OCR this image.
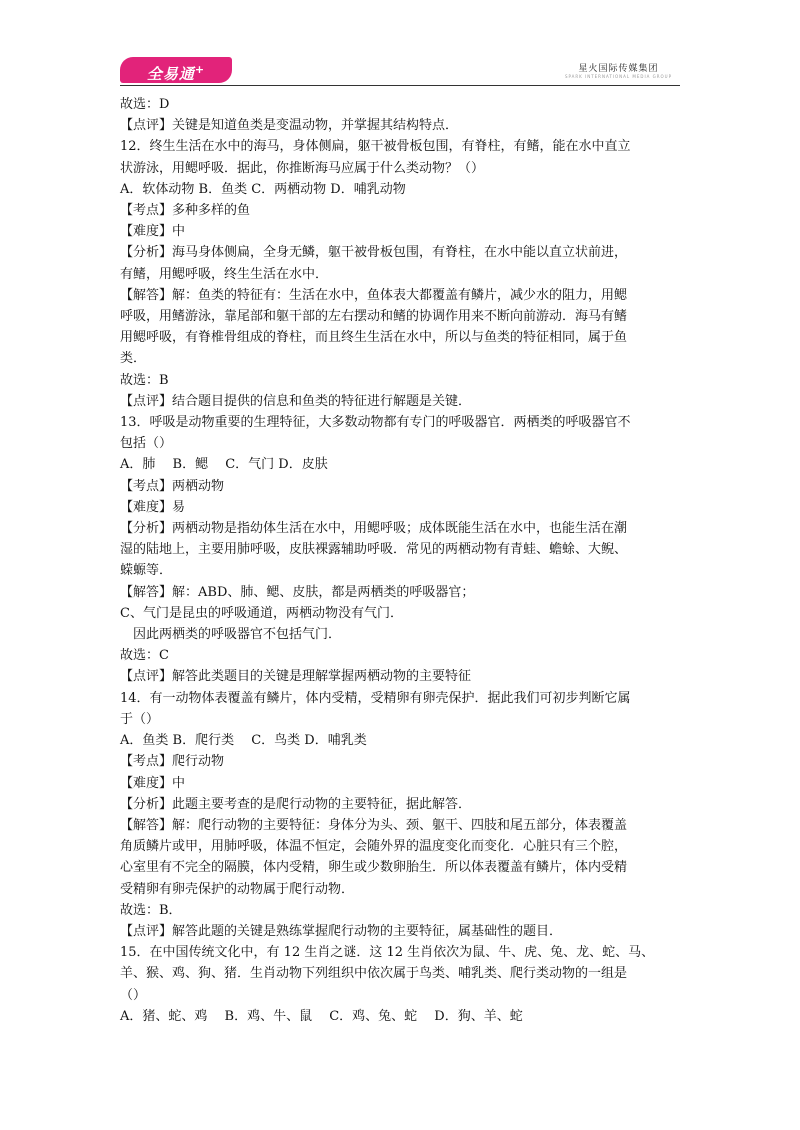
全易通+	星火国际传媒集团
SPARK INTERNATIONAL MEDIA GROUP
故选：D
【点评】关键是知道鱼类是变温动物，并掌握其结构特点．
12．终生生活在水中的海马，身体侧扁，躯干被骨板包围，有脊柱，有鳍，能在水中直立
状游泳，用鳃呼吸．据此，你推断海马应属于什么类动物？（）
A．软体动物 B．鱼类 C．两栖动物 D．哺乳动物
【考点】多种多样的鱼
【难度】中
【分析】海马身体侧扁，全身无鳞，躯干被骨板包围，有脊柱，在水中能以直立状前进，
有鳍，用鳃呼吸，终生生活在水中．
【解答】解：鱼类的特征有：生活在水中，鱼体表大都覆盖有鳞片，减少水的阻力，用鳃
呼吸，用鳍游泳，靠尾部和躯干部的左右摆动和鳍的协调作用来不断向前游动．海马有鳍
用鳃呼吸，有脊椎骨组成的脊柱，而且终生生活在水中，所以与鱼类的特征相同，属于鱼
类．
故选：B
【点评】结合题目提供的信息和鱼类的特征进行解题是关键．
13．呼吸是动物重要的生理特征，大多数动物都有专门的呼吸器官．两栖类的呼吸器官不
包括（）
A．肺　 B．鳃　 C．气门 D．皮肤
【考点】两栖动物
【难度】易
【分析】两栖动物是指幼体生活在水中，用鳃呼吸；成体既能生活在水中，也能生活在潮
湿的陆地上，主要用肺呼吸，皮肤裸露辅助呼吸．常见的两栖动物有青蛙、蟾蜍、大鲵、
蝾螈等．
【解答】解：ABD、肺、鳃、皮肤，都是两栖类的呼吸器官；
C、气门是昆虫的呼吸通道，两栖动物没有气门．
因此两栖类的呼吸器官不包括气门．
故选：C
【点评】解答此类题目的关键是理解掌握两栖动物的主要特征
14．有一动物体表覆盖有鳞片，体内受精，受精卵有卵壳保护．据此我们可初步判断它属
于（）
A．鱼类 B．爬行类　 C．鸟类 D．哺乳类
【考点】爬行动物
【难度】中
【分析】此题主要考查的是爬行动物的主要特征，据此解答．
【解答】解：爬行动物的主要特征：身体分为头、颈、躯干、四肢和尾五部分，体表覆盖
角质鳞片或甲，用肺呼吸，体温不恒定，会随外界的温度变化而变化．心脏只有三个腔，
心室里有不完全的隔膜，体内受精，卵生或少数卵胎生．所以体表覆盖有鳞片，体内受精
受精卵有卵壳保护的动物属于爬行动物．
故选：B．
【点评】解答此题的关键是熟练掌握爬行动物的主要特征，属基础性的题目．
15．在中国传统文化中，有 12 生肖之谜．这 12 生肖依次为鼠、牛、虎、兔、龙、蛇、马、
羊、猴、鸡、狗、猪．生肖动物下列组织中依次属于鸟类、哺乳类、爬行类动物的一组是
（）
A．猪、蛇、鸡　 B．鸡、牛、鼠　 C．鸡、兔、蛇　 D．狗、羊、蛇
